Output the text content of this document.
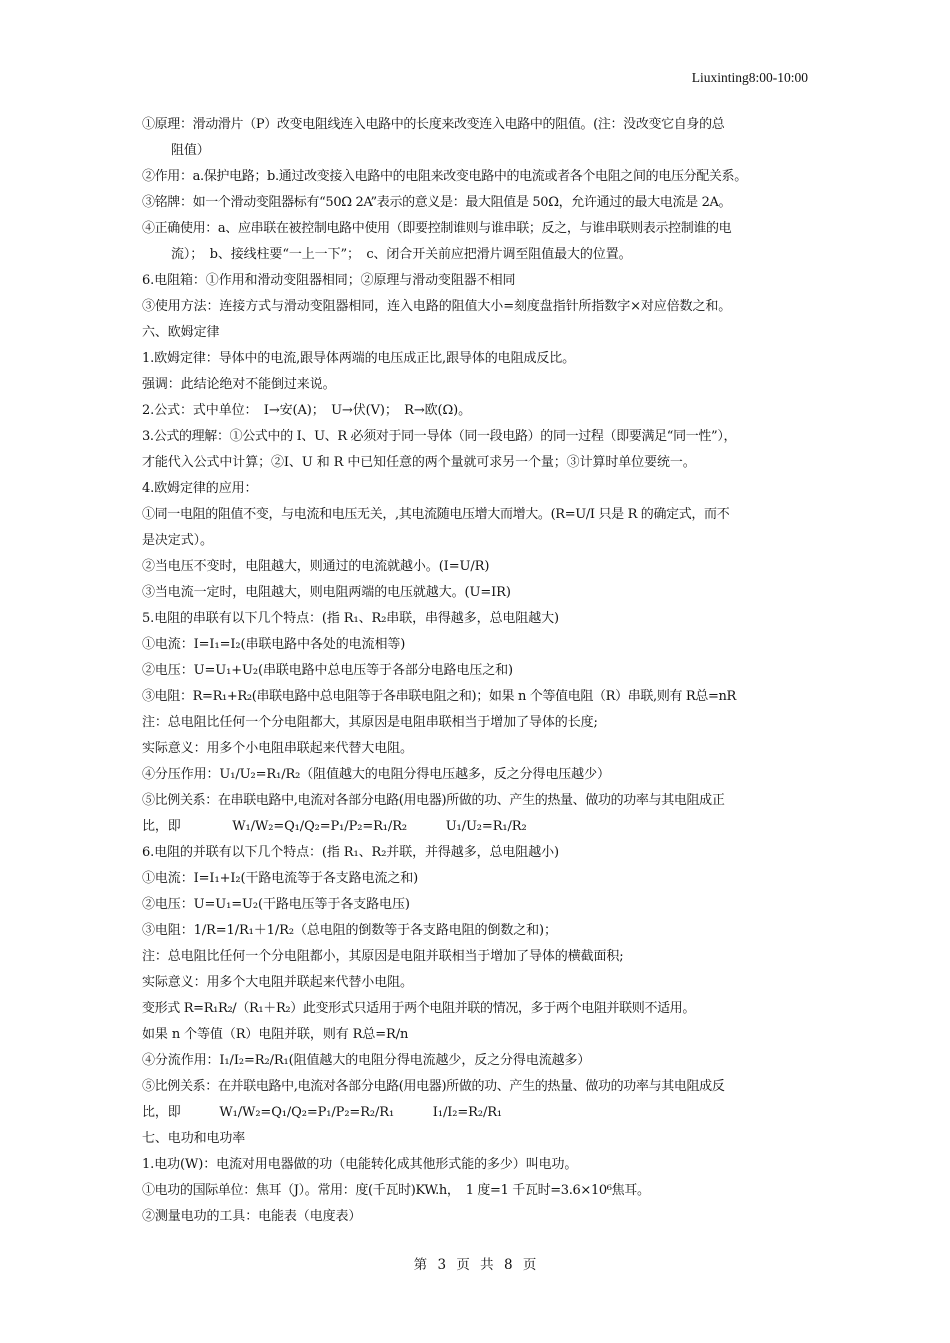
Liuxinting8:00-10:00
①原理：滑动滑片（P）改变电阻线连入电路中的长度来改变连入电路中的阻值。(注：没改变它自身的总
阻值）
②作用：a.保护电路；b.通过改变接入电路中的电阻来改变电路中的电流或者各个电阻之间的电压分配关系。
③铭牌：如一个滑动变阻器标有“50Ω 2A”表示的意义是：最大阻值是 50Ω，允许通过的最大电流是 2A。
④正确使用：a、应串联在被控制电路中使用（即要控制谁则与谁串联；反之，与谁串联则表示控制谁的电
流）；　b、接线柱要“一上一下”；　c、闭合开关前应把滑片调至阻值最大的位置。
6.电阻箱：①作用和滑动变阻器相同；②原理与滑动变阻器不相同
③使用方法：连接方式与滑动变阻器相同，连入电路的阻值大小=刻度盘指针所指数字×对应倍数之和。
六、欧姆定律
1.欧姆定律：导体中的电流,跟导体两端的电压成正比,跟导体的电阻成反比。
强调：此结论绝对不能倒过来说。
2.公式：式中单位：　I→安(A)；　U→伏(V)；　R→欧(Ω)。
3.公式的理解：①公式中的 I、U、R 必须对于同一导体（同一段电路）的同一过程（即要满足“同一性”），
才能代入公式中计算；②I、U 和 R 中已知任意的两个量就可求另一个量；③计算时单位要统一。
4.欧姆定律的应用：
①同一电阻的阻值不变，与电流和电压无关，,其电流随电压增大而增大。(R=U/I 只是 R 的确定式，而不
是决定式）。
②当电压不变时，电阻越大，则通过的电流就越小。(I=U/R)
③当电流一定时，电阻越大，则电阻两端的电压就越大。(U=IR)
5.电阻的串联有以下几个特点：(指 R₁、R₂串联，串得越多，总电阻越大)
①电流：I=I₁=I₂(串联电路中各处的电流相等)
②电压：U=U₁+U₂(串联电路中总电压等于各部分电路电压之和)
③电阻：R=R₁+R₂(串联电路中总电阻等于各串联电阻之和)；如果 n 个等值电阻（R）串联,则有 R总=nR
注：总电阻比任何一个分电阻都大，其原因是电阻串联相当于增加了导体的长度;
实际意义：用多个小电阻串联起来代替大电阻。
④分压作用：U₁/U₂=R₁/R₂（阻值越大的电阻分得电压越多，反之分得电压越少）
⑤比例关系：在串联电路中,电流对各部分电路(用电器)所做的功、产生的热量、做功的功率与其电阻成正
比，即　　　　W₁/W₂=Q₁/Q₂=P₁/P₂=R₁/R₂　　　U₁/U₂=R₁/R₂
6.电阻的并联有以下几个特点：(指 R₁、R₂并联，并得越多，总电阻越小)
①电流：I=I₁+I₂(干路电流等于各支路电流之和)
②电压：U=U₁=U₂(干路电压等于各支路电压)
③电阻：1/R=1/R₁＋1/R₂（总电阻的倒数等于各支路电阻的倒数之和)；
注：总电阻比任何一个分电阻都小，其原因是电阻并联相当于增加了导体的横截面积;
实际意义：用多个大电阻并联起来代替小电阻。
变形式 R=R₁R₂/（R₁＋R₂）此变形式只适用于两个电阻并联的情况，多于两个电阻并联则不适用。
如果 n 个等值（R）电阻并联，则有 R总=R/n
④分流作用：I₁/I₂=R₂/R₁(阻值越大的电阻分得电流越少，反之分得电流越多）
⑤比例关系：在并联电路中,电流对各部分电路(用电器)所做的功、产生的热量、做功的功率与其电阻成反
比，即　　　W₁/W₂=Q₁/Q₂=P₁/P₂=R₂/R₁　　　I₁/I₂=R₂/R₁
七、电功和电功率
1.电功(W)：电流对用电器做的功（电能转化成其他形式能的多少）叫电功。
①电功的国际单位：焦耳（J）。常用：度(千瓦时)KW.h，　1 度=1 千瓦时=3.6×10⁶焦耳。
②测量电功的工具：电能表（电度表）
第 3 页 共 8 页
